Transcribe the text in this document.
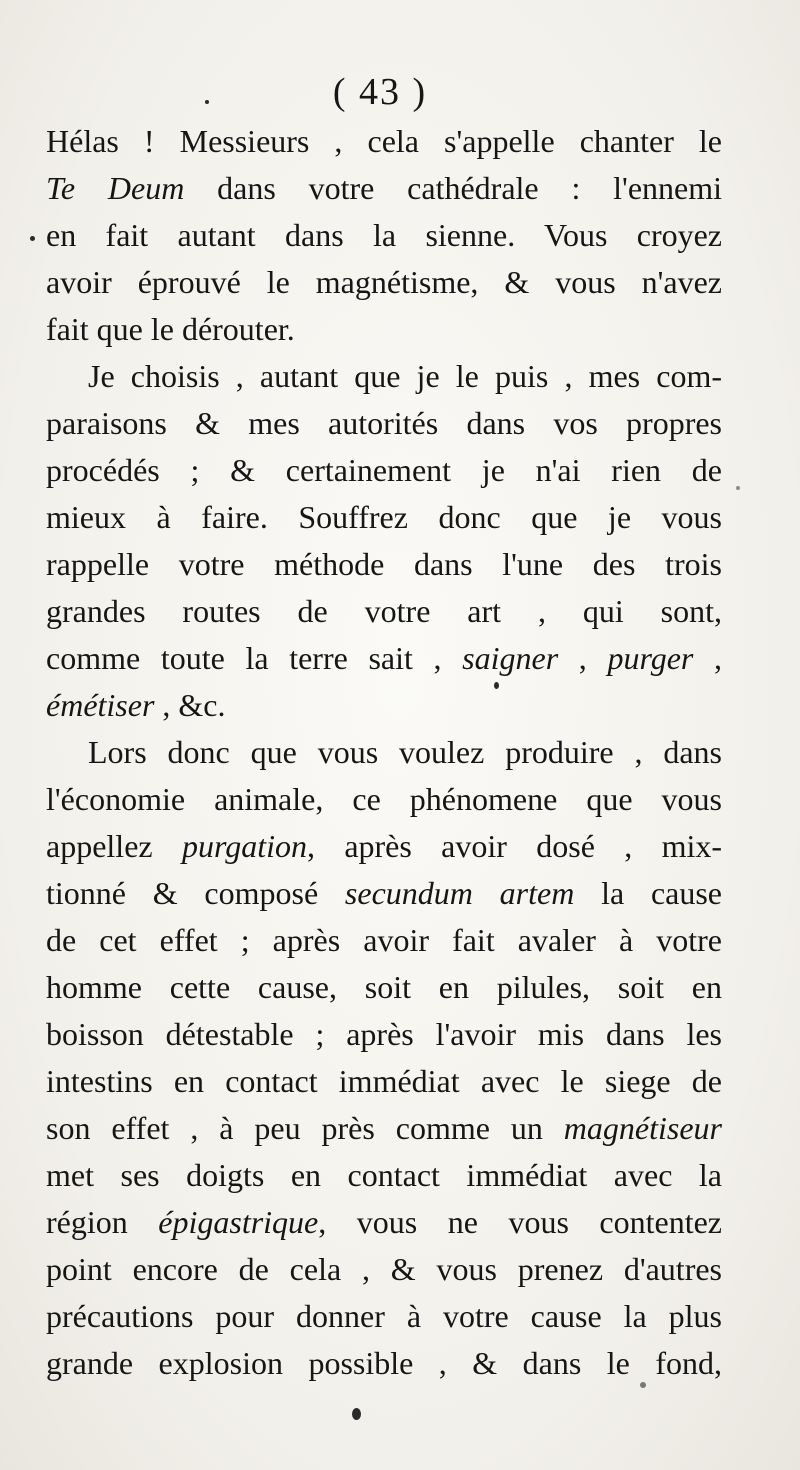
( 43 )
Hélas ! Messieurs , cela s'appelle chanter le
Te Deum dans votre cathédrale : l'ennemi
en fait autant dans la sienne. Vous croyez
avoir éprouvé le magnétisme, & vous n'avez
fait que le dérouter.
Je choisis , autant que je le puis , mes com-
paraisons & mes autorités dans vos propres
procédés ; & certainement je n'ai rien de
mieux à faire. Souffrez donc que je vous
rappelle votre méthode dans l'une des trois
grandes routes de votre art , qui sont,
comme toute la terre sait , saigner , purger ,
émétiser , &c.
Lors donc que vous voulez produire , dans
l'économie animale, ce phénomene que vous
appellez purgation, après avoir dosé , mix-
tionné & composé secundum artem la cause
de cet effet ; après avoir fait avaler à votre
homme cette cause, soit en pilules, soit en
boisson détestable ; après l'avoir mis dans les
intestins en contact immédiat avec le siege de
son effet , à peu près comme un magnétiseur
met ses doigts en contact immédiat avec la
région épigastrique, vous ne vous contentez
point encore de cela , & vous prenez d'autres
précautions pour donner à votre cause la plus
grande explosion possible , & dans le fond,
